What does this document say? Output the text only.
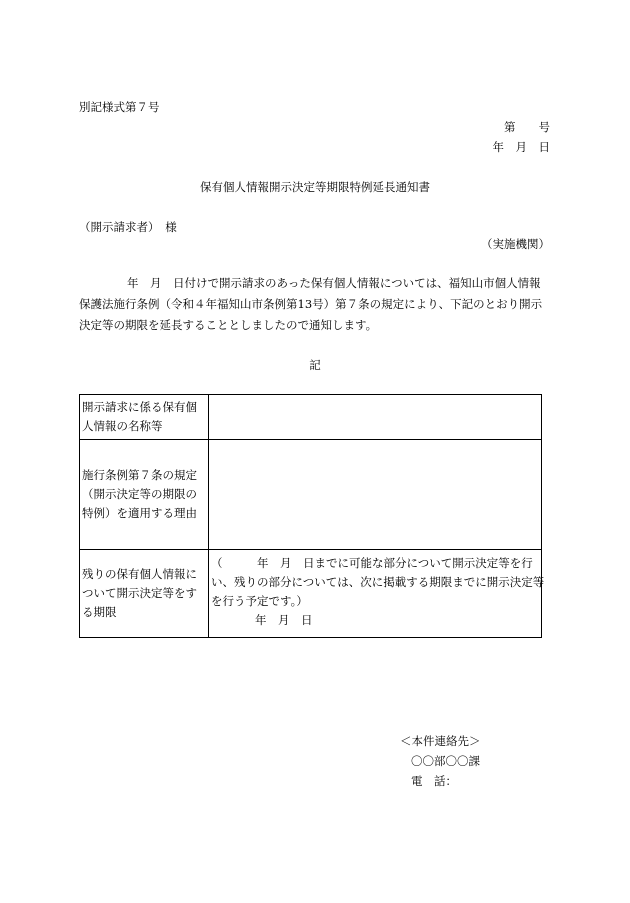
別記様式第７号
第　　号
年　月　日
保有個人情報開示決定等期限特例延長通知書
（開示請求者）　様
（実施機関）

年　月　日付けで開示請求のあった保有個人情報については、福知山市個人情報

保護法施行条例（令和４年福知山市条例第13号）第７条の規定により、下記のとおり開示

決定等の期限を延長することとしましたので通知します。

記
開示請求に係る保有個人情報の名称等	
施行条例第７条の規定（開示決定等の期限の特例）を適用する理由	
残りの保有個人情報について開示決定等をする期限	（　　　年　月　日までに可能な部分について開示決定等を行
い、残りの部分については、次に掲載する期限までに開示決定等
を行う予定です。）
年　月　日
＜本件連絡先＞
〇〇部〇〇課
電　話：
